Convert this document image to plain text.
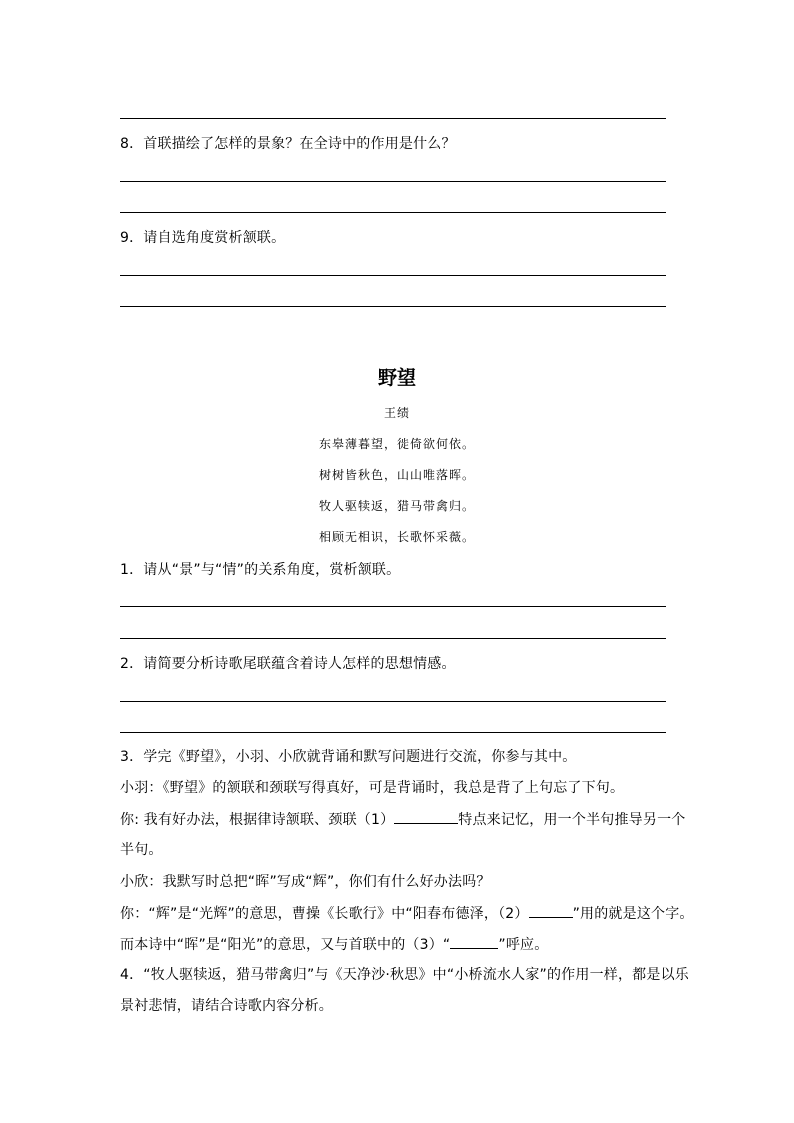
8．首联描绘了怎样的景象？在全诗中的作用是什么？
9．请自选角度赏析颔联。
野望
王绩
东皋薄暮望，徙倚欲何依。
树树皆秋色，山山唯落晖。
牧人驱犊返，猎马带禽归。
相顾无相识，长歌怀采薇。
1．请从“景”与“情”的关系角度，赏析颔联。
2．请简要分析诗歌尾联蕴含着诗人怎样的思想情感。
3．学完《野望》，小羽、小欣就背诵和默写问题进行交流，你参与其中。
小羽：《野望》的颔联和颈联写得真好，可是背诵时，我总是背了上句忘了下句。
你: 我有好办法，根据律诗颔联、颈联（1）	特点来记忆，用一个半句推导另一个
半句。
小欣：我默写时总把“晖”写成“辉”，你们有什么好办法吗？
你：“辉”是“光辉”的意思，曹操《长歌行》中“阳春布德泽，（2）	”用的就是这个字。
而本诗中“晖”是“阳光”的意思，又与首联中的（3）“	”呼应。
4．“牧人驱犊返，猎马带禽归”与《天净沙·秋思》中“小桥流水人家”的作用一样，都是以乐
景衬悲情，请结合诗歌内容分析。
